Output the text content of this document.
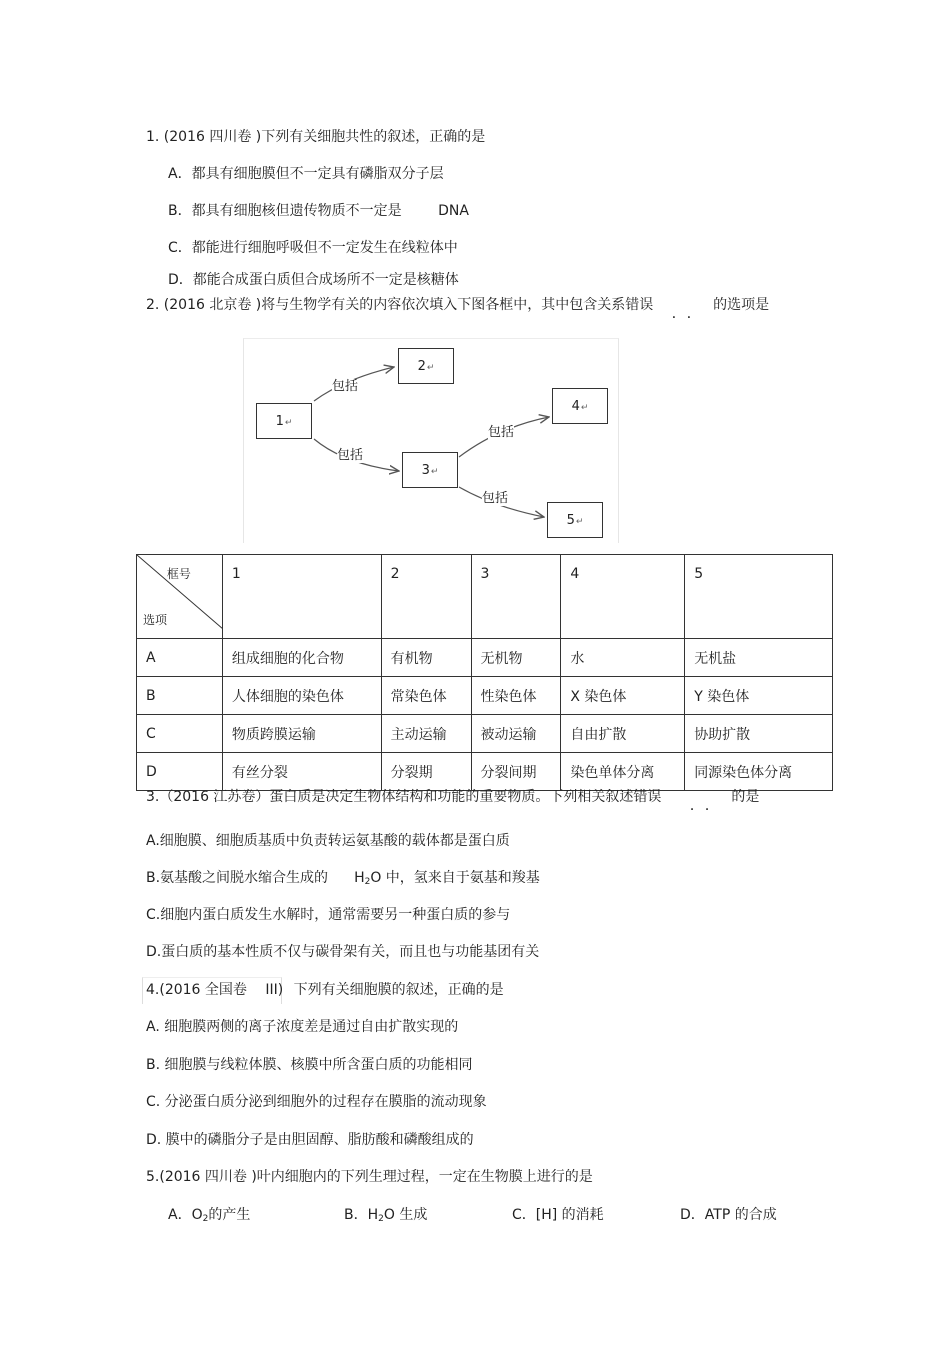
1. (2016 四川卷 )下列有关细胞共性的叙述，正确的是
A．都具有细胞膜但不一定具有磷脂双分子层
B．都具有细胞核但遗传物质不一定是	DNA
C．都能进行细胞呼吸但不一定发生在线粒体中
D．都能合成蛋白质但合成场所不一定是核糖体
2. (2016 北京卷 )将与生物学有关的内容依次填入下图各框中，其中包含关系错误 ．． 的选项是
1 ↵
2 ↵
3 ↵
4 ↵
5 ↵
包括
包括
包括
包括
框号
选项	1	2	3	4	5
A	组成细胞的化合物	有机物	无机物	水	无机盐
B	人体细胞的染色体	常染色体	性染色体	X 染色体	Y 染色体
C	物质跨膜运输	主动运输	被动运输	自由扩散	协助扩散
D	有丝分裂	分裂期	分裂间期	染色单体分离	同源染色体分离
3.（2016 江苏卷）蛋白质是决定生物体结构和功能的重要物质。下列相关叙述错误 ．． 的是
A.细胞膜、细胞质基质中负责转运氨基酸的载体都是蛋白质
B.氨基酸之间脱水缩合生成的 $H_2O$ 中，氢来自于氨基和羧基
C.细胞内蛋白质发生水解时，通常需要另一种蛋白质的参与
D.蛋白质的基本性质不仅与碳骨架有关，而且也与功能基团有关
4.(2016 全国卷 III) 下列有关细胞膜的叙述，正确的是
A. 细胞膜两侧的离子浓度差是通过自由扩散实现的
B. 细胞膜与线粒体膜、核膜中所含蛋白质的功能相同
C. 分泌蛋白质分泌到细胞外的过程存在膜脂的流动现象
D. 膜中的磷脂分子是由胆固醇、脂肪酸和磷酸组成的
5.(2016 四川卷 )叶内细胞内的下列生理过程，一定在生物膜上进行的是
A．$O_2$的产生	B．$H_2O$ 生成	C．[H] 的消耗	D．ATP 的合成
